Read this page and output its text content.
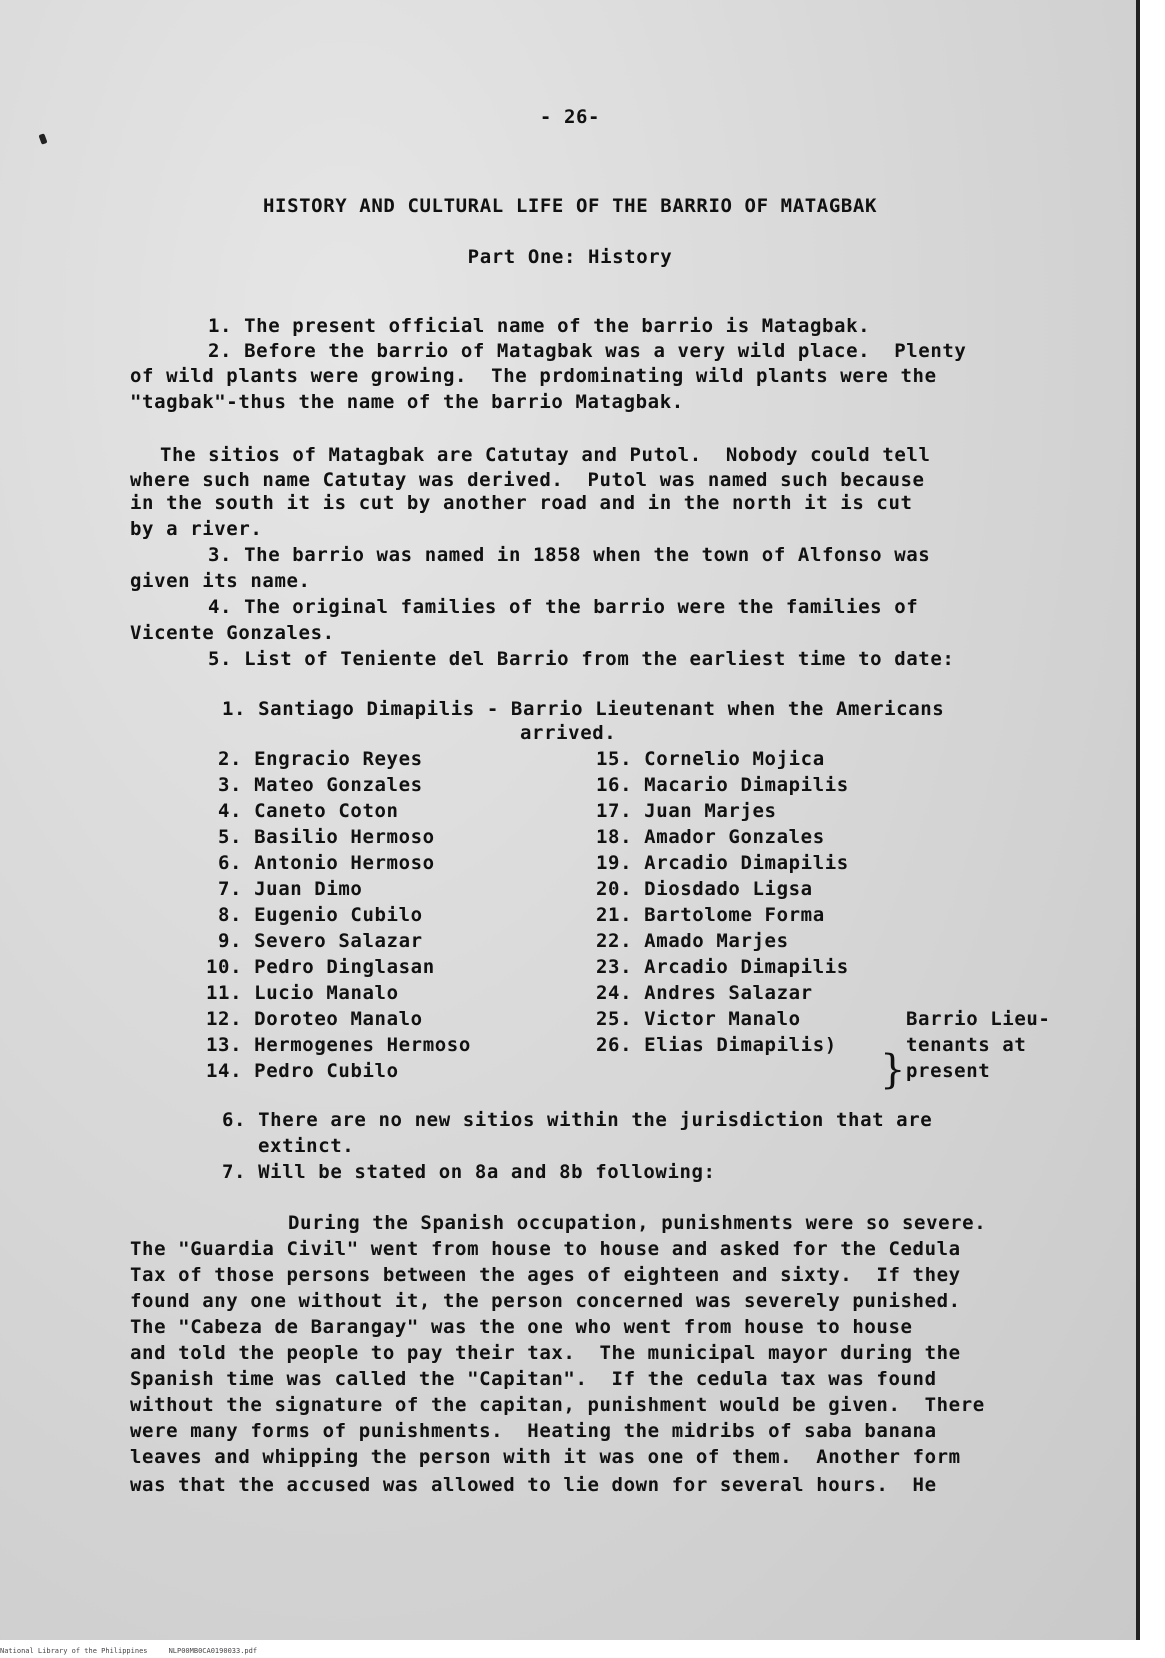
- 26-

HISTORY AND CULTURAL LIFE OF THE BARRIO OF MATAGBAK

Part One: History

1. The present official name of the barrio is Matagbak.

2. Before the barrio of Matagbak was a very wild place.  Plenty

of wild plants were growing.  The prdominating wild plants were the

"tagbak"-thus the name of the barrio Matagbak.

The sitios of Matagbak are Catutay and Putol.  Nobody could tell

where such name Catutay was derived.  Putol was named such because

in the south it is cut by another road and in the north it is cut

by a river.

3. The barrio was named in 1858 when the town of Alfonso was

given its name.

4. The original families of the barrio were the families of

Vicente Gonzales.

5. List of Teniente del Barrio from the earliest time to date:

1. Santiago Dimapilis - Barrio Lieutenant when the Americans

arrived.

2. Engracio Reyes

3. Mateo Gonzales

4. Caneto Coton

5. Basilio Hermoso

6. Antonio Hermoso

7. Juan Dimo

8. Eugenio Cubilo

9. Severo Salazar

10. Pedro Dinglasan

11. Lucio Manalo

12. Doroteo Manalo

13. Hermogenes Hermoso

14. Pedro Cubilo

15. Cornelio Mojica

16. Macario Dimapilis

17. Juan Marjes

18. Amador Gonzales

19. Arcadio Dimapilis

20. Diosdado Ligsa

21. Bartolome Forma

22. Amado Marjes

23. Arcadio Dimapilis

24. Andres Salazar

25. Victor Manalo

26. Elias Dimapilis)

}

Barrio Lieu-

tenants at

present

6. There are no new sitios within the jurisdiction that are

extinct.

7. Will be stated on 8a and 8b following:

During the Spanish occupation, punishments were so severe.

The "Guardia Civil" went from house to house and asked for the Cedula

Tax of those persons between the ages of eighteen and sixty.  If they

found any one without it, the person concerned was severely punished.

The "Cabeza de Barangay" was the one who went from house to house

and told the people to pay their tax.  The municipal mayor during the

Spanish time was called the "Capitan".  If the cedula tax was found

without the signature of the capitan, punishment would be given.  There

were many forms of punishments.  Heating the midribs of saba banana

leaves and whipping the person with it was one of them.  Another form

was that the accused was allowed to lie down for several hours.  He

National Library of the Philippines     NLP00MB0CA0190033.pdf
